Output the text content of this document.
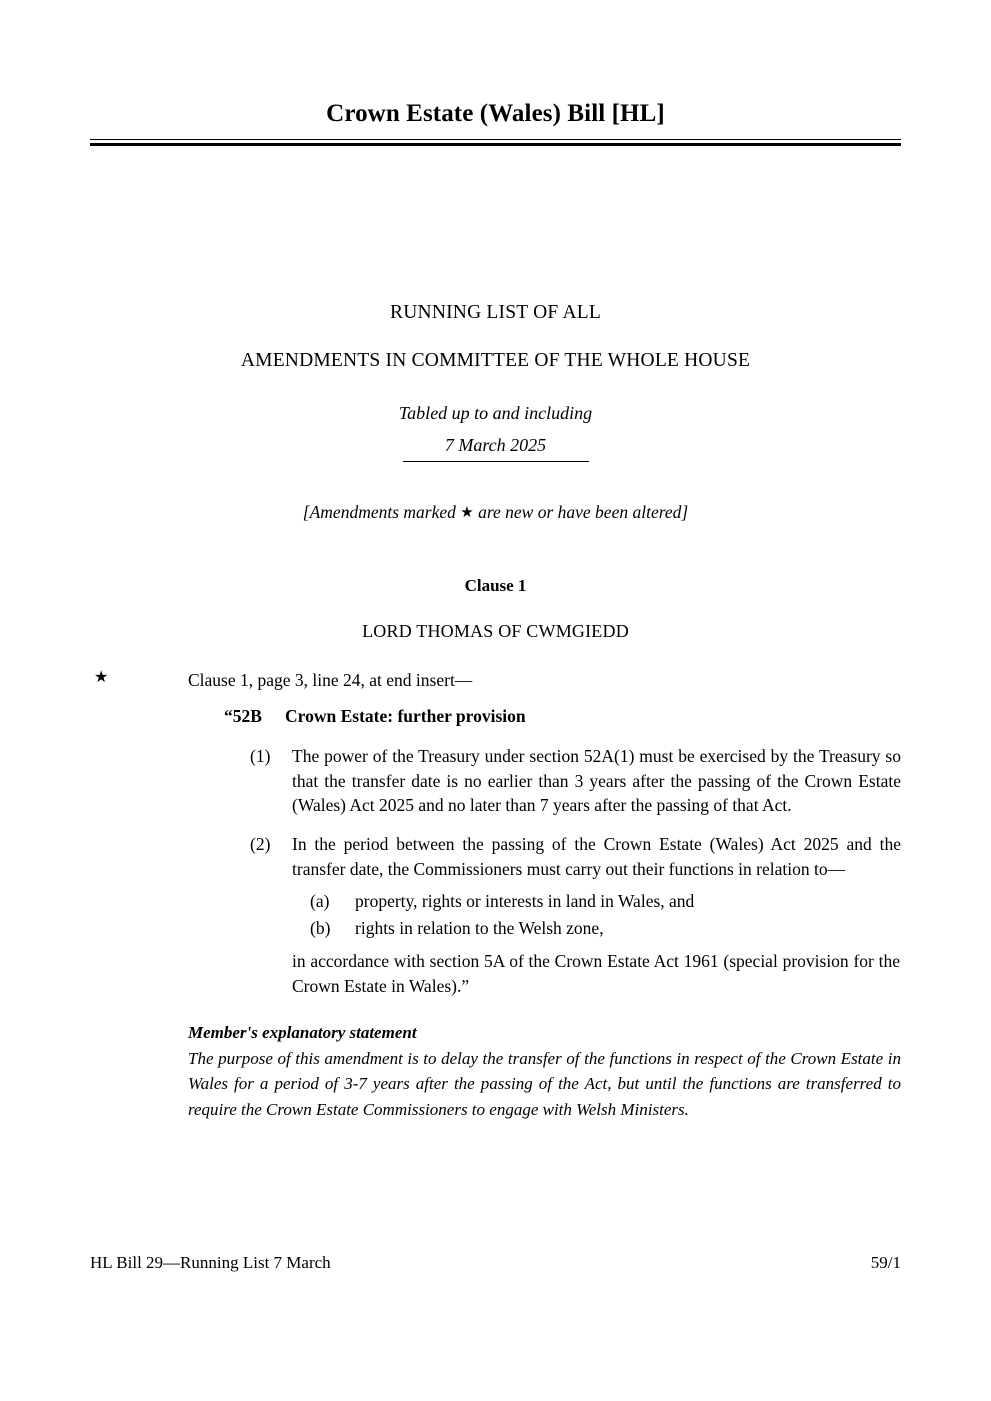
Crown Estate (Wales) Bill [HL]
RUNNING LIST OF ALL
AMENDMENTS IN COMMITTEE OF THE WHOLE HOUSE
Tabled up to and including
7 March 2025
[Amendments marked ★ are new or have been altered]
Clause 1
LORD THOMAS OF CWMGIEDD
★	Clause 1, page 3, line 24, at end insert—
“52B	Crown Estate: further provision
(1)	The power of the Treasury under section 52A(1) must be exercised by the Treasury so that the transfer date is no earlier than 3 years after the passing of the Crown Estate (Wales) Act 2025 and no later than 7 years after the passing of that Act.
(2)	In the period between the passing of the Crown Estate (Wales) Act 2025 and the transfer date, the Commissioners must carry out their functions in relation to—
(a)	property, rights or interests in land in Wales, and
(b)	rights in relation to the Welsh zone,
in accordance with section 5A of the Crown Estate Act 1961 (special provision for the Crown Estate in Wales).”
Member's explanatory statement
The purpose of this amendment is to delay the transfer of the functions in respect of the Crown Estate in Wales for a period of 3-7 years after the passing of the Act, but until the functions are transferred to require the Crown Estate Commissioners to engage with Welsh Ministers.
HL Bill 29—Running List 7 March	59/1
